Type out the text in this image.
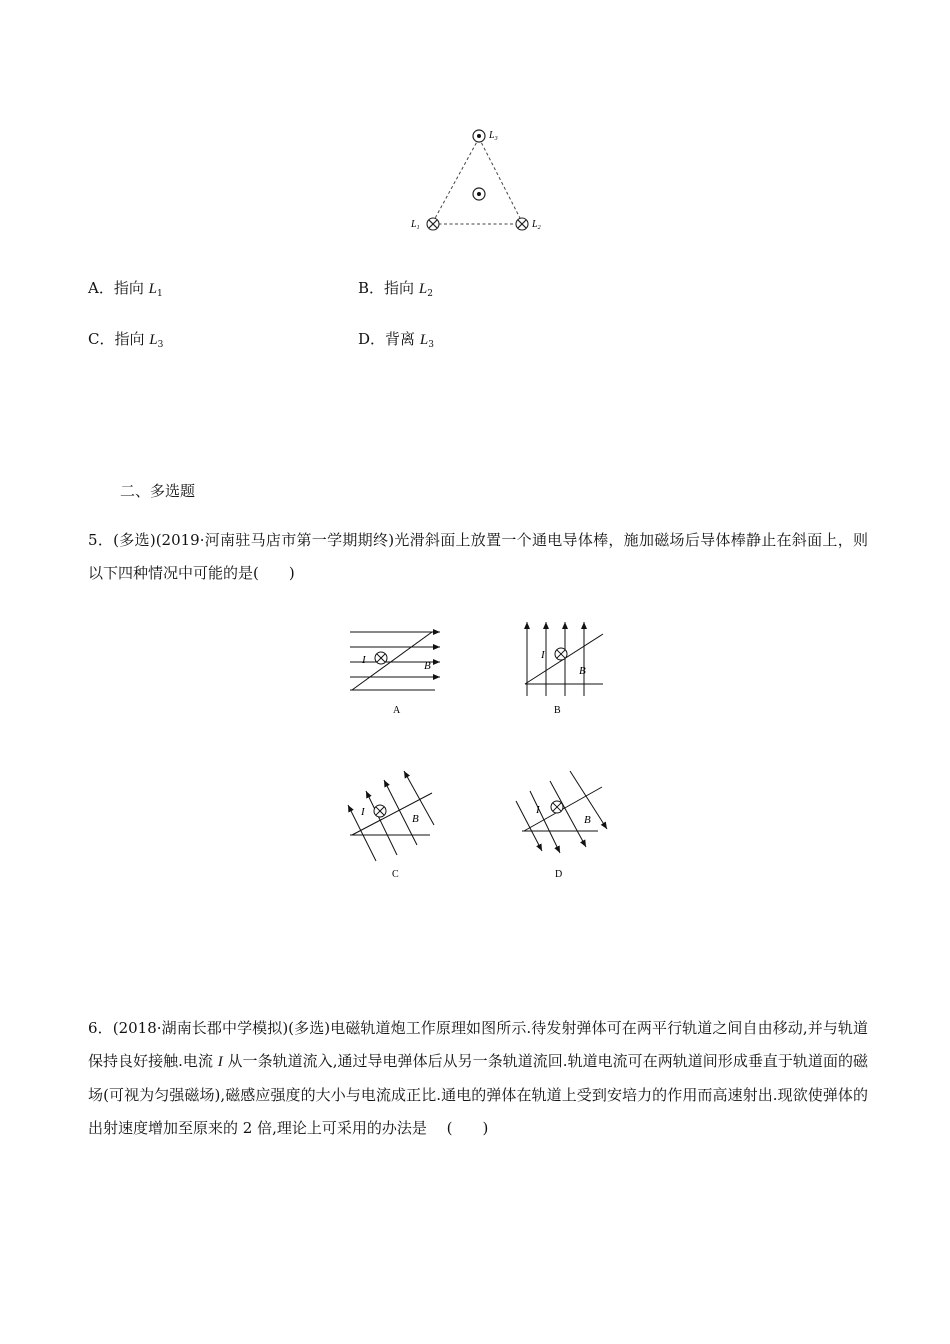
$L_3$
$L_1$	$L_2$
A．指向 $L_1$	B．指向 $L_2$
C．指向 $L_3$	D．背离 $L_3$
二、多选题
5．(多选)(2019·河南驻马店市第一学期期终)光滑斜面上放置一个通电导体棒，施加磁场后导体棒静止在斜面上，则以下四种情况中可能的是(　　)
I	B
A
I
B
B
I
B
C
I
B
D
6．(2018·湖南长郡中学模拟)(多选)电磁轨道炮工作原理如图所示.待发射弹体可在两平行轨道之间自由移动,并与轨道保持良好接触.电流 I 从一条轨道流入,通过导电弹体后从另一条轨道流回.轨道电流可在两轨道间形成垂直于轨道面的磁场(可视为匀强磁场),磁感应强度的大小与电流成正比.通电的弹体在轨道上受到安培力的作用而高速射出.现欲使弹体的出射速度增加至原来的 2 倍,理论上可采用的办法是　 (　　)
